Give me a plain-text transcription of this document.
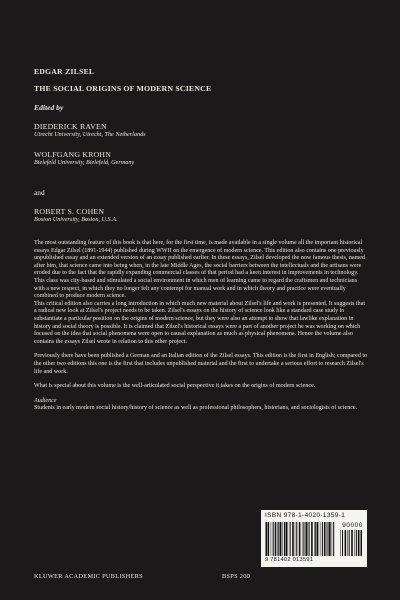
EDGAR ZILSEL
THE SOCIAL ORIGINS OF MODERN SCIENCE
Edited by
DIEDERICK RAVEN
Utrecht University, Utrecht, The Netherlands
WOLFGANG KROHN
Bielefeld University, Bielefeld, Germany
and
ROBERT S. COHEN
Boston University, Boston, U.S.A.

The most outstanding feature of this book is that here, for the first time, is made available in a single volume all the important historical essays Edgar Zilsel (1891-1944) published during WWII on the emergence of modern science. This edition also contains one previously unpublished essay and an extended version of an essay published earlier. In these essays, Zilsel developed the now famous thesis, named after him, that science came into being when, in the late Middle Ages, the social barriers between the intellectuals and the artisans were eroded due to the fact that the rapidly expanding commercial classes of that period had a keen interest in improvements in technology. This class was city-based and stimulated a social environment in which men of learning came to regard the craftsmen and technicians with a new respect, in which they no longer felt any contempt for manual work and in which theory and practice were eventually combined to produce modern science.

This critical edition also carries a long introduction in which much new material about Zilsel's life and work is presented. It suggests that a radical new look at Zilsel's project needs to be taken. Zilsel's essays on the history of science look like a standard case study to substantiate a particular position on the origins of modern science, but they were also an attempt to show that lawlike explanation in history and social theory is possible. It is claimed that Zilsel's historical essays were a part of another project he was working on which focused on the idea that social phenomena were open to causal explanation as much as physical phenomena. Hence the volume also contains the essays Zilsel wrote in relation to this other project.

Previously there have been published a German and an Italian edition of the Zilsel essays. This edition is the first in English; compared to the other two editions this one is the first that includes unpublished material and the first to undertake a serious effort to research Zilsel's life and work.

What is special about this volume is the well-articulated social perspective it takes on the origins of modern science.

Audience
Students in early modern social history/history of science as well as professional philosophers, historians, and sociologists of science.
ISBN 978-1-4020-1359-1
90000
9 781402 013591
KLUWER ACADEMIC PUBLISHERS	BSPS 200
